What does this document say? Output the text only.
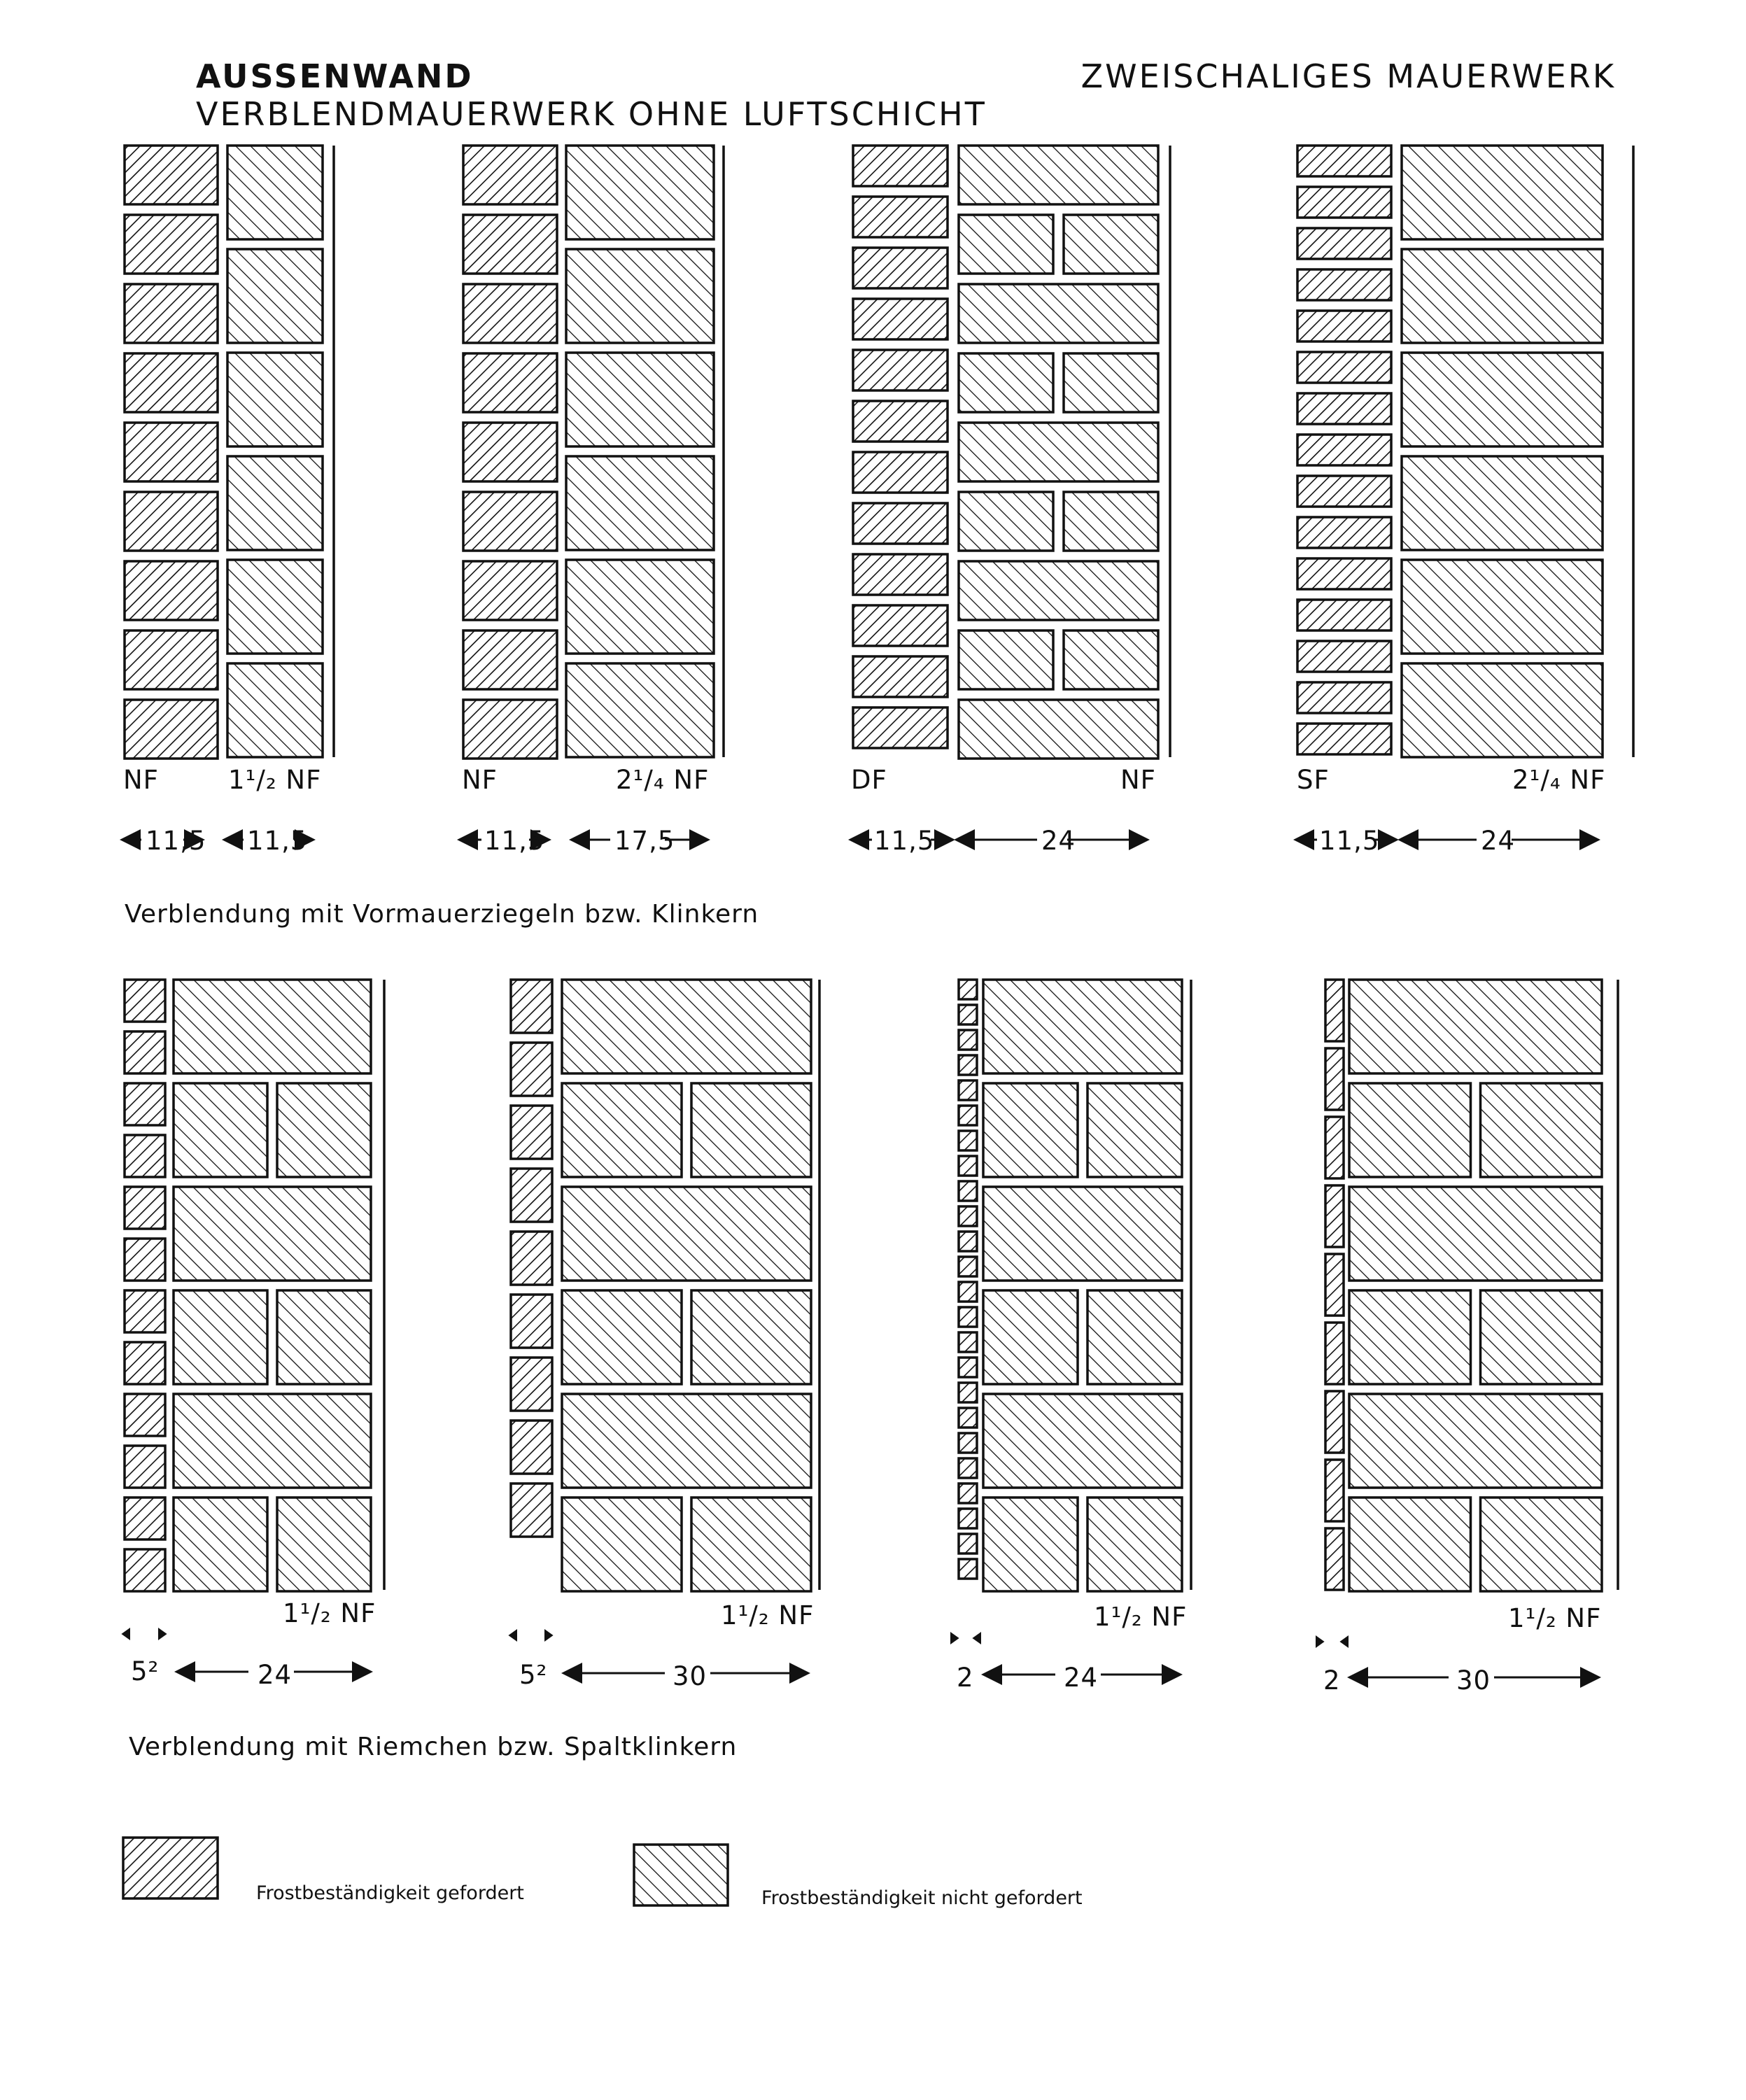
AUSSENWAND
VERBLENDMAUERWERK OHNE LUFTSCHICHT
ZWEISCHALIGES MAUERWERK
NF	1¹/₂ NF	NF	2¹/₄ NF	DF	NF	SF	2¹/₄ NF
11,5 11,5	11,5	17,5	11,5	24	11,5	24
Verblendung mit Vormauerziegeln bzw. Klinkern
1¹/₂ NF	1¹/₂ NF	1¹/₂ NF	1¹/₂ NF
5²	24	5²	30	2	24	2	30
Verblendung mit Riemchen bzw. Spaltklinkern
Frostbeständigkeit gefordert	Frostbeständigkeit nicht gefordert
